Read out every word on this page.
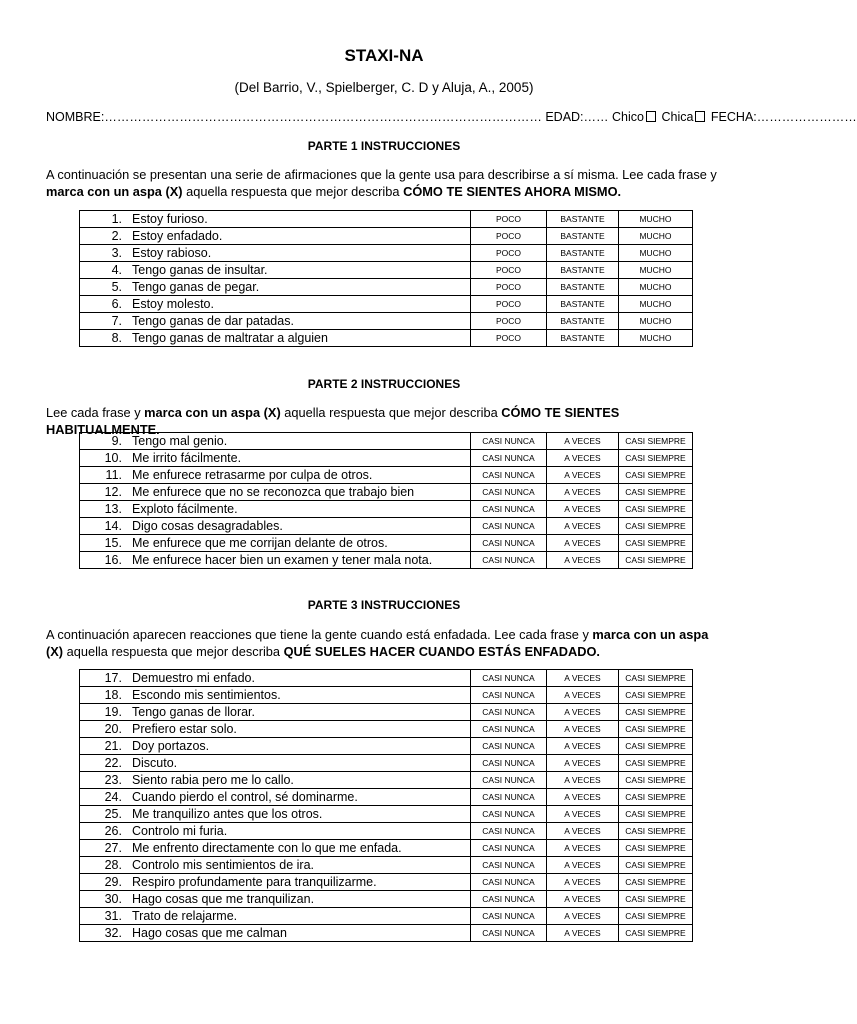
STAXI-NA
(Del Barrio, V., Spielberger, C. D y Aluja, A., 2005)
NOMBRE:…………………………………………………………………………………………… EDAD:…… Chico Chica FECHA:……………………
PARTE 1 INSTRUCCIONES
A continuación se presentan una serie de afirmaciones que la gente usa para describirse a sí misma. Lee cada frase y marca con un aspa (X) aquella respuesta que mejor describa CÓMO TE SIENTES AHORA MISMO.
1. Estoy furioso.	POCO	BASTANTE	MUCHO
2. Estoy enfadado.	POCO	BASTANTE	MUCHO
3. Estoy rabioso.	POCO	BASTANTE	MUCHO
4. Tengo ganas de insultar.	POCO	BASTANTE	MUCHO
5. Tengo ganas de pegar.	POCO	BASTANTE	MUCHO
6. Estoy molesto.	POCO	BASTANTE	MUCHO
7. Tengo ganas de dar patadas.	POCO	BASTANTE	MUCHO
8. Tengo ganas de maltratar a alguien	POCO	BASTANTE	MUCHO
PARTE 2 INSTRUCCIONES
Lee cada frase y marca con un aspa (X) aquella respuesta que mejor describa CÓMO TE SIENTES HABITUALMENTE.
9. Tengo mal genio.	CASI NUNCA	A VECES	CASI SIEMPRE
10. Me irrito fácilmente.	CASI NUNCA	A VECES	CASI SIEMPRE
11. Me enfurece retrasarme por culpa de otros.	CASI NUNCA	A VECES	CASI SIEMPRE
12. Me enfurece que no se reconozca que trabajo bien	CASI NUNCA	A VECES	CASI SIEMPRE
13. Exploto fácilmente.	CASI NUNCA	A VECES	CASI SIEMPRE
14. Digo cosas desagradables.	CASI NUNCA	A VECES	CASI SIEMPRE
15. Me enfurece que me corrijan delante de otros.	CASI NUNCA	A VECES	CASI SIEMPRE
16. Me enfurece hacer bien un examen y tener mala nota.	CASI NUNCA	A VECES	CASI SIEMPRE
PARTE 3 INSTRUCCIONES
A continuación aparecen reacciones que tiene la gente cuando está enfadada. Lee cada frase y marca con un aspa (X) aquella respuesta que mejor describa QUÉ SUELES HACER CUANDO ESTÁS ENFADADO.
17. Demuestro mi enfado.	CASI NUNCA	A VECES	CASI SIEMPRE
18. Escondo mis sentimientos.	CASI NUNCA	A VECES	CASI SIEMPRE
19. Tengo ganas de llorar.	CASI NUNCA	A VECES	CASI SIEMPRE
20. Prefiero estar solo.	CASI NUNCA	A VECES	CASI SIEMPRE
21. Doy portazos.	CASI NUNCA	A VECES	CASI SIEMPRE
22. Discuto.	CASI NUNCA	A VECES	CASI SIEMPRE
23. Siento rabia pero me lo callo.	CASI NUNCA	A VECES	CASI SIEMPRE
24. Cuando pierdo el control, sé dominarme.	CASI NUNCA	A VECES	CASI SIEMPRE
25. Me tranquilizo antes que los otros.	CASI NUNCA	A VECES	CASI SIEMPRE
26. Controlo mi furia.	CASI NUNCA	A VECES	CASI SIEMPRE
27. Me enfrento directamente con lo que me enfada.	CASI NUNCA	A VECES	CASI SIEMPRE
28. Controlo mis sentimientos de ira.	CASI NUNCA	A VECES	CASI SIEMPRE
29. Respiro profundamente para tranquilizarme.	CASI NUNCA	A VECES	CASI SIEMPRE
30. Hago cosas que me tranquilizan.	CASI NUNCA	A VECES	CASI SIEMPRE
31. Trato de relajarme.	CASI NUNCA	A VECES	CASI SIEMPRE
32. Hago cosas que me calman	CASI NUNCA	A VECES	CASI SIEMPRE
